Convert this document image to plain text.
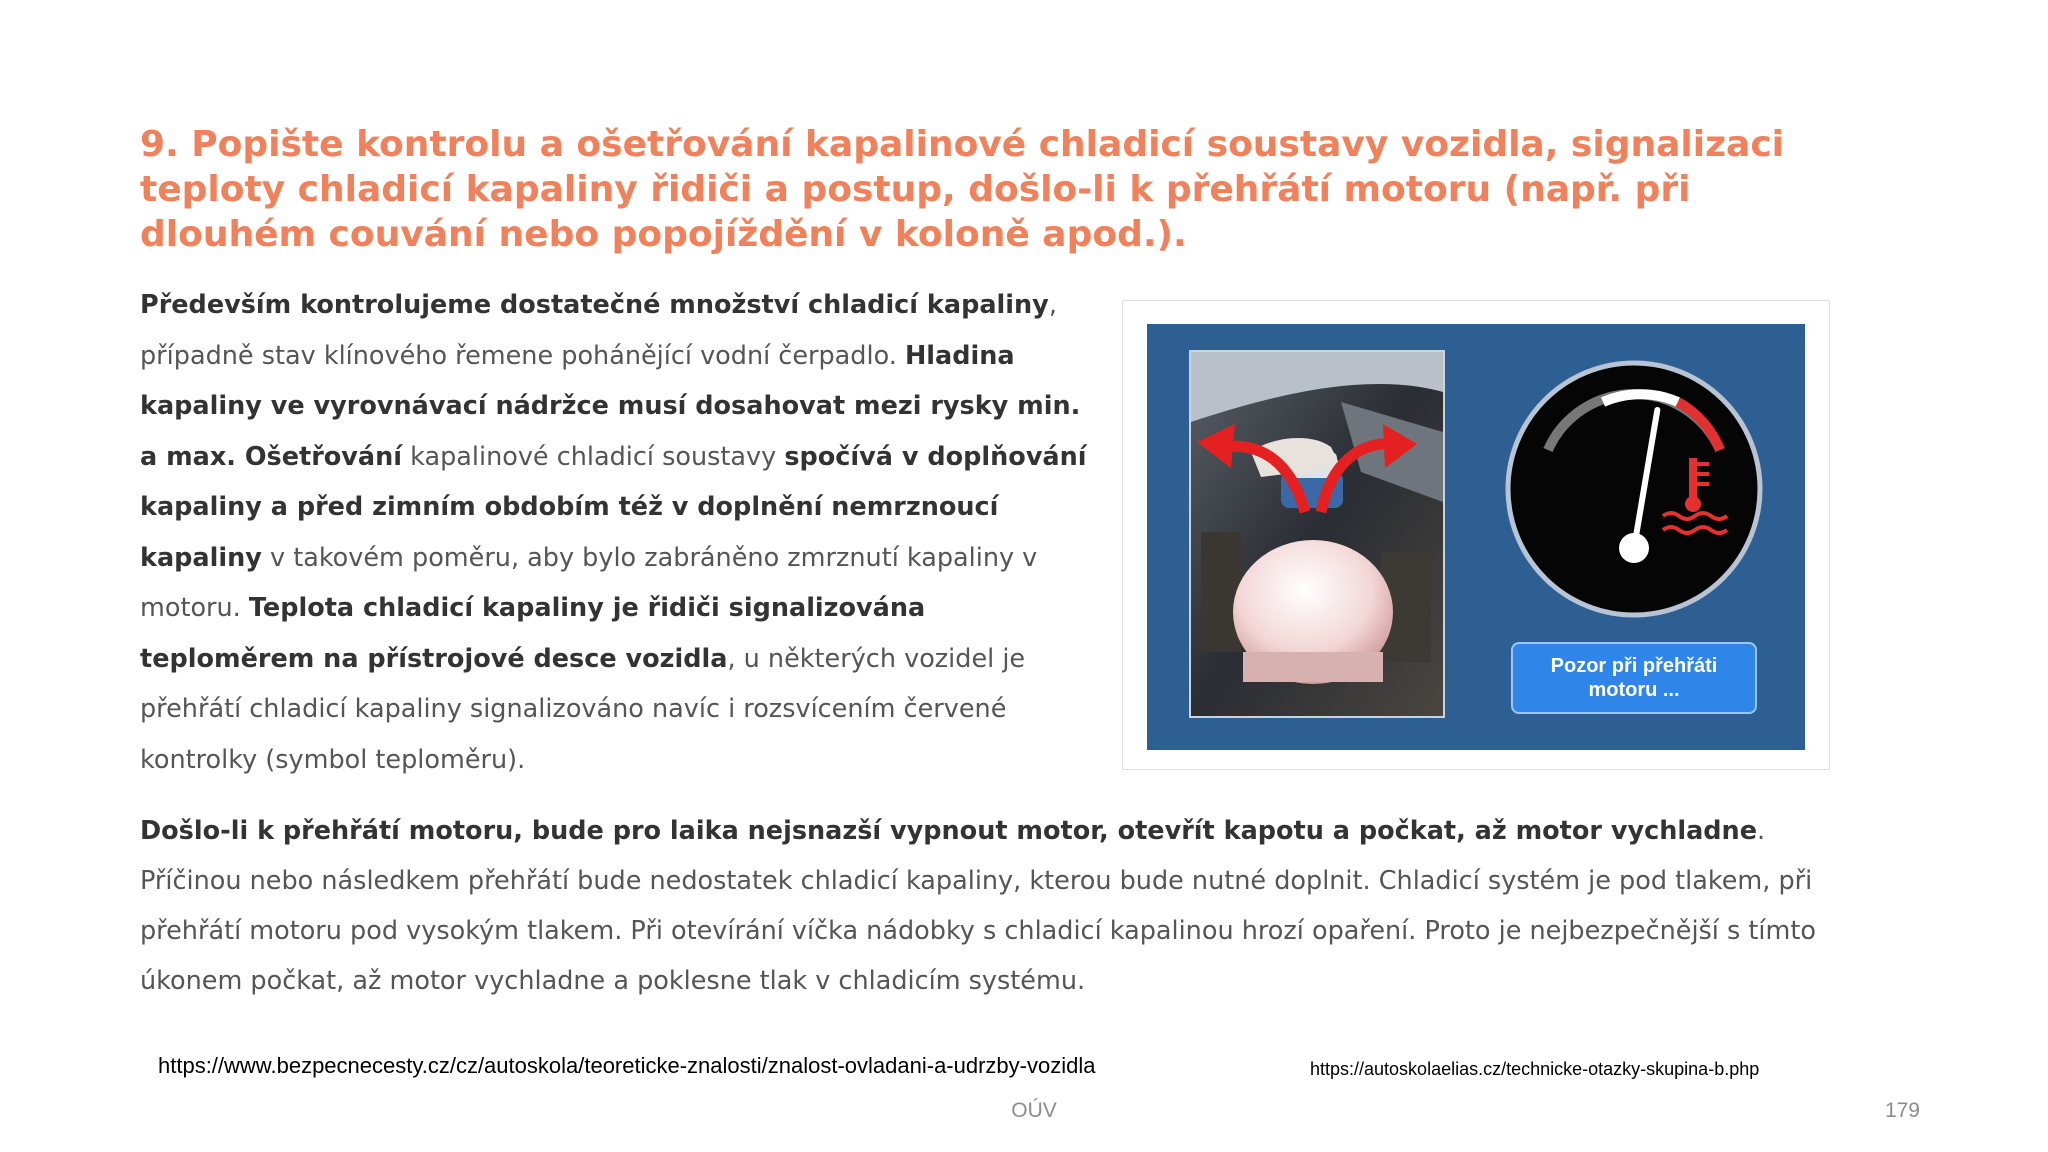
9. Popište kontrolu a ošetřování kapalinové chladicí soustavy vozidla, signalizaci teploty chladicí kapaliny řidiči a postup, došlo-li k přehřátí motoru (např. při dlouhém couvání nebo popojíždění v koloně apod.).

Především kontrolujeme dostatečné množství chladicí kapaliny, případně stav klínového řemene pohánějící vodní čerpadlo. Hladina kapaliny ve vyrovnávací nádržce musí dosahovat mezi rysky min. a max. Ošetřování kapalinové chladicí soustavy spočívá v doplňování kapaliny a před zimním obdobím též v doplnění nemrznoucí kapaliny v takovém poměru, aby bylo zabráněno zmrznutí kapaliny v motoru. Teplota chladicí kapaliny je řidiči signalizována teploměrem na přístrojové desce vozidla, u některých vozidel je přehřátí chladicí kapaliny signalizováno navíc i rozsvícením červené kontrolky (symbol teploměru).

Pozor při přehřáti motoru ...

Došlo-li k přehřátí motoru, bude pro laika nejsnazší vypnout motor, otevřít kapotu a počkat, až motor vychladne. Příčinou nebo následkem přehřátí bude nedostatek chladicí kapaliny, kterou bude nutné doplnit. Chladicí systém je pod tlakem, při přehřátí motoru pod vysokým tlakem. Při otevírání víčka nádobky s chladicí kapalinou hrozí opaření. Proto je nejbezpečnější s tímto úkonem počkat, až motor vychladne a poklesne tlak v chladicím systému.

https://www.bezpecnecesty.cz/cz/autoskola/teoreticke-znalosti/znalost-ovladani-a-udrzby-vozidla	https://autoskolaelias.cz/technicke-otazky-skupina-b.php

OÚV	179
